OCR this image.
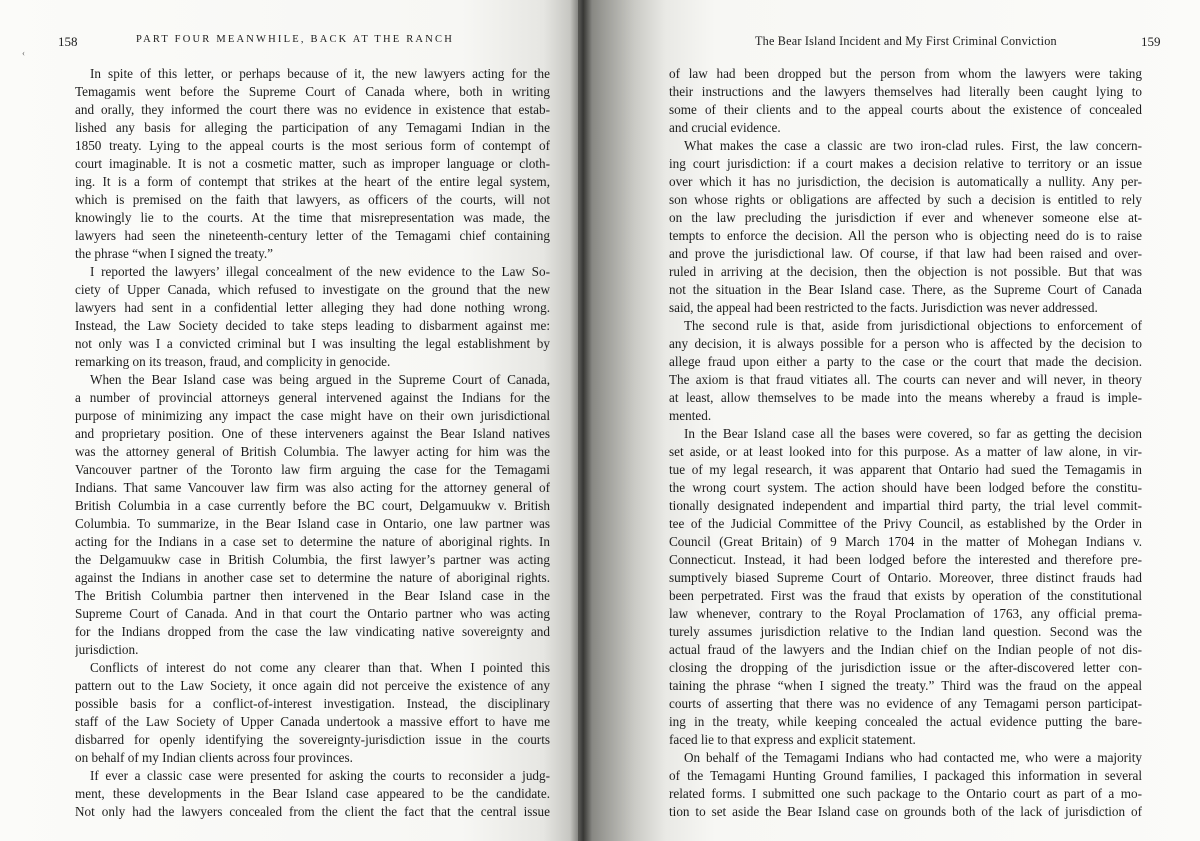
158	PART FOUR MEANWHILE, BACK AT THE RANCH
In spite of this letter, or perhaps because of it, the new lawyers acting for the
Temagamis went before the Supreme Court of Canada where, both in writing
and orally, they informed the court there was no evidence in existence that estab-
lished any basis for alleging the participation of any Temagami Indian in the
1850 treaty. Lying to the appeal courts is the most serious form of contempt of
court imaginable. It is not a cosmetic matter, such as improper language or cloth-
ing. It is a form of contempt that strikes at the heart of the entire legal system,
which is premised on the faith that lawyers, as officers of the courts, will not
knowingly lie to the courts. At the time that misrepresentation was made, the
lawyers had seen the nineteenth-century letter of the Temagami chief containing
the phrase “when I signed the treaty.”
I reported the lawyers’ illegal concealment of the new evidence to the Law So-
ciety of Upper Canada, which refused to investigate on the ground that the new
lawyers had sent in a confidential letter alleging they had done nothing wrong.
Instead, the Law Society decided to take steps leading to disbarment against me:
not only was I a convicted criminal but I was insulting the legal establishment by
remarking on its treason, fraud, and complicity in genocide.
When the Bear Island case was being argued in the Supreme Court of Canada,
a number of provincial attorneys general intervened against the Indians for the
purpose of minimizing any impact the case might have on their own jurisdictional
and proprietary position. One of these interveners against the Bear Island natives
was the attorney general of British Columbia. The lawyer acting for him was the
Vancouver partner of the Toronto law firm arguing the case for the Temagami
Indians. That same Vancouver law firm was also acting for the attorney general of
British Columbia in a case currently before the BC court, Delgamuukw v. British
Columbia. To summarize, in the Bear Island case in Ontario, one law partner was
acting for the Indians in a case set to determine the nature of aboriginal rights. In
the Delgamuukw case in British Columbia, the first lawyer’s partner was acting
against the Indians in another case set to determine the nature of aboriginal rights.
The British Columbia partner then intervened in the Bear Island case in the
Supreme Court of Canada. And in that court the Ontario partner who was acting
for the Indians dropped from the case the law vindicating native sovereignty and
jurisdiction.
Conflicts of interest do not come any clearer than that. When I pointed this
pattern out to the Law Society, it once again did not perceive the existence of any
possible basis for a conflict-of-interest investigation. Instead, the disciplinary
staff of the Law Society of Upper Canada undertook a massive effort to have me
disbarred for openly identifying the sovereignty-jurisdiction issue in the courts
on behalf of my Indian clients across four provinces.
If ever a classic case were presented for asking the courts to reconsider a judg-
ment, these developments in the Bear Island case appeared to be the candidate.
Not only had the lawyers concealed from the client the fact that the central issue
‹
The Bear Island Incident and My First Criminal Conviction	159
of law had been dropped but the person from whom the lawyers were taking
their instructions and the lawyers themselves had literally been caught lying to
some of their clients and to the appeal courts about the existence of concealed
and crucial evidence.
What makes the case a classic are two iron-clad rules. First, the law concern-
ing court jurisdiction: if a court makes a decision relative to territory or an issue
over which it has no jurisdiction, the decision is automatically a nullity. Any per-
son whose rights or obligations are affected by such a decision is entitled to rely
on the law precluding the jurisdiction if ever and whenever someone else at-
tempts to enforce the decision. All the person who is objecting need do is to raise
and prove the jurisdictional law. Of course, if that law had been raised and over-
ruled in arriving at the decision, then the objection is not possible. But that was
not the situation in the Bear Island case. There, as the Supreme Court of Canada
said, the appeal had been restricted to the facts. Jurisdiction was never addressed.
The second rule is that, aside from jurisdictional objections to enforcement of
any decision, it is always possible for a person who is affected by the decision to
allege fraud upon either a party to the case or the court that made the decision.
The axiom is that fraud vitiates all. The courts can never and will never, in theory
at least, allow themselves to be made into the means whereby a fraud is imple-
mented.
In the Bear Island case all the bases were covered, so far as getting the decision
set aside, or at least looked into for this purpose. As a matter of law alone, in vir-
tue of my legal research, it was apparent that Ontario had sued the Temagamis in
the wrong court system. The action should have been lodged before the constitu-
tionally designated independent and impartial third party, the trial level commit-
tee of the Judicial Committee of the Privy Council, as established by the Order in
Council (Great Britain) of 9 March 1704 in the matter of Mohegan Indians v.
Connecticut. Instead, it had been lodged before the interested and therefore pre-
sumptively biased Supreme Court of Ontario. Moreover, three distinct frauds had
been perpetrated. First was the fraud that exists by operation of the constitutional
law whenever, contrary to the Royal Proclamation of 1763, any official prema-
turely assumes jurisdiction relative to the Indian land question. Second was the
actual fraud of the lawyers and the Indian chief on the Indian people of not dis-
closing the dropping of the jurisdiction issue or the after-discovered letter con-
taining the phrase “when I signed the treaty.” Third was the fraud on the appeal
courts of asserting that there was no evidence of any Temagami person participat-
ing in the treaty, while keeping concealed the actual evidence putting the bare-
faced lie to that express and explicit statement.
On behalf of the Temagami Indians who had contacted me, who were a majority
of the Temagami Hunting Ground families, I packaged this information in several
related forms. I submitted one such package to the Ontario court as part of a mo-
tion to set aside the Bear Island case on grounds both of the lack of jurisdiction of
